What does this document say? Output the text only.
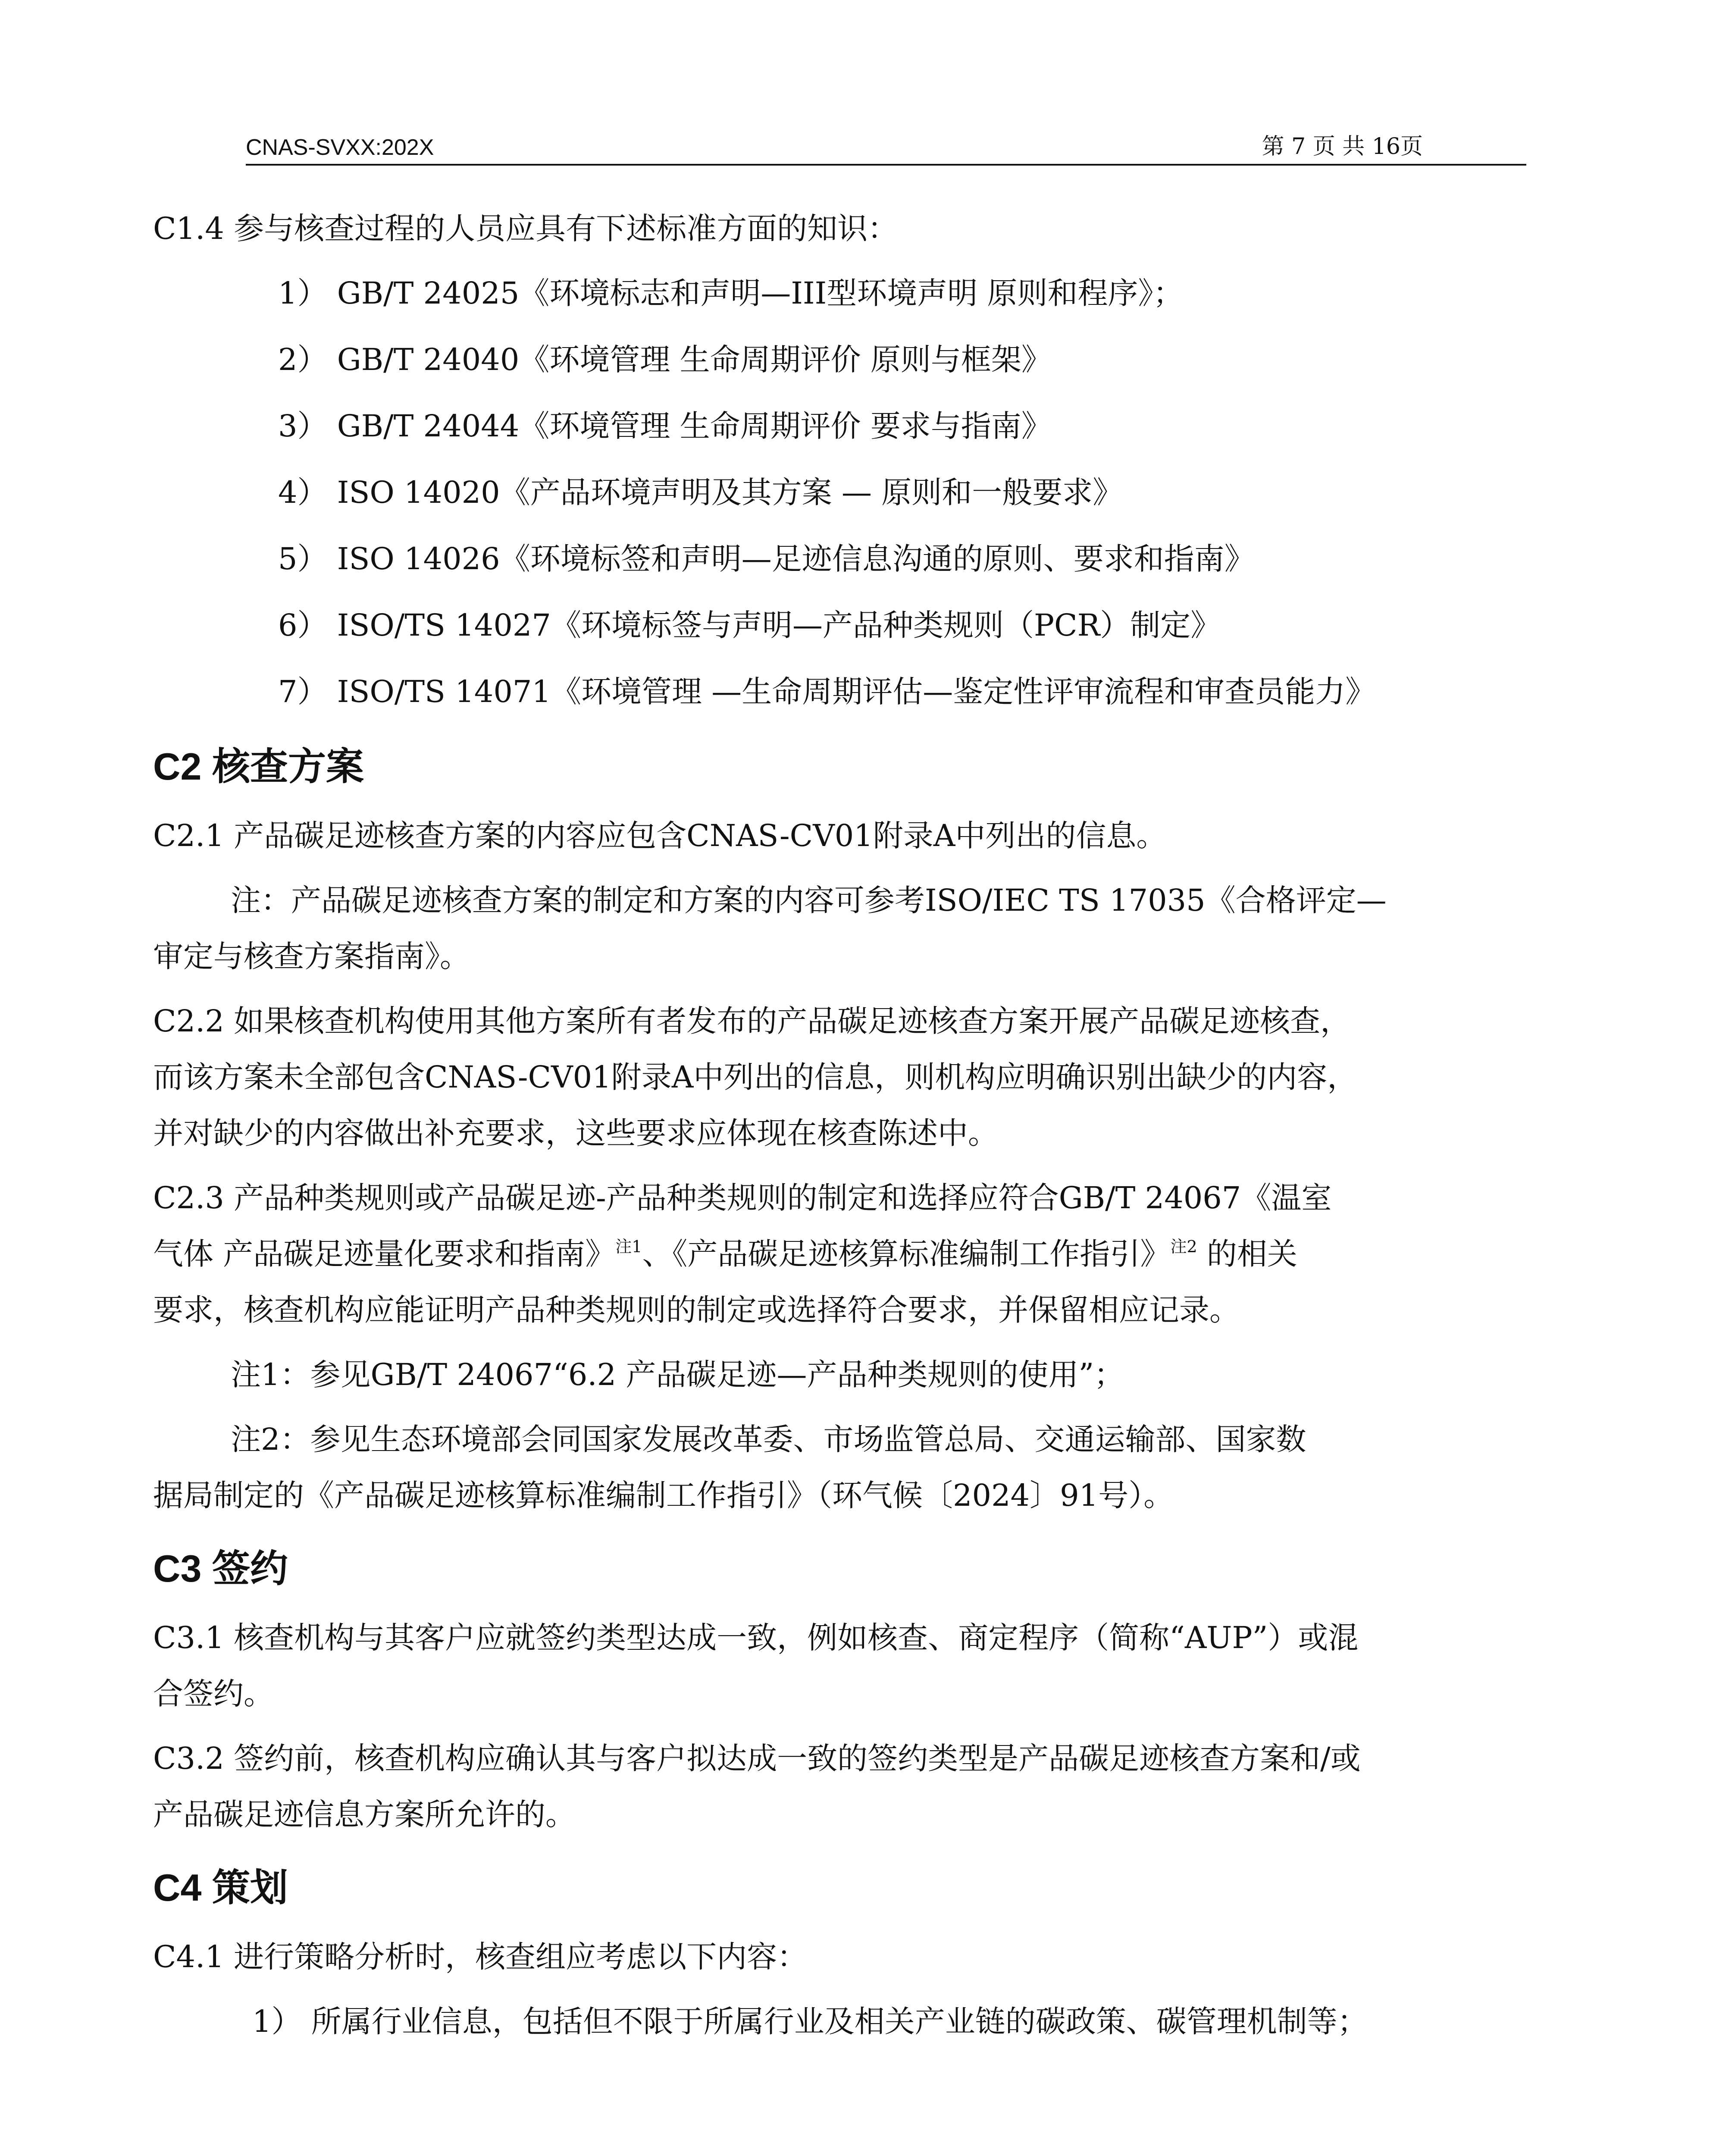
CNAS-SVXX:202X	第 7 页 共 16页

C1.4 参与核查过程的人员应具有下述标准方面的知识：

1） GB/T 24025《环境标志和声明—III型环境声明 原则和程序》；

2） GB/T 24040《环境管理 生命周期评价 原则与框架》

3） GB/T 24044《环境管理 生命周期评价 要求与指南》

4） ISO 14020《产品环境声明及其方案 — 原则和一般要求》

5） ISO 14026《环境标签和声明—足迹信息沟通的原则、要求和指南》

6） ISO/TS 14027《环境标签与声明—产品种类规则（PCR）制定》

7） ISO/TS 14071《环境管理 —生命周期评估—鉴定性评审流程和审查员能力》

C2 核查方案

C2.1 产品碳足迹核查方案的内容应包含CNAS-CV01附录A中列出的信息。

注：产品碳足迹核查方案的制定和方案的内容可参考ISO/IEC TS 17035《合格评定—

审定与核查方案指南》。

C2.2 如果核查机构使用其他方案所有者发布的产品碳足迹核查方案开展产品碳足迹核查，

而该方案未全部包含CNAS-CV01附录A中列出的信息，则机构应明确识别出缺少的内容，

并对缺少的内容做出补充要求，这些要求应体现在核查陈述中。

C2.3 产品种类规则或产品碳足迹-产品种类规则的制定和选择应符合GB/T 24067《温室

气体 产品碳足迹量化要求和指南》$^{注1}$、《产品碳足迹核算标准编制工作指引》$^{注2}$ 的相关

要求，核查机构应能证明产品种类规则的制定或选择符合要求，并保留相应记录。

注1：参见GB/T 24067“6.2 产品碳足迹—产品种类规则的使用”；

注2：参见生态环境部会同国家发展改革委、市场监管总局、交通运输部、国家数

据局制定的《产品碳足迹核算标准编制工作指引》（环气候〔2024〕91号）。

C3 签约

C3.1 核查机构与其客户应就签约类型达成一致，例如核查、商定程序（简称“AUP”）或混

合签约。

C3.2 签约前，核查机构应确认其与客户拟达成一致的签约类型是产品碳足迹核查方案和/或

产品碳足迹信息方案所允许的。

C4 策划

C4.1 进行策略分析时，核查组应考虑以下内容：

1） 所属行业信息，包括但不限于所属行业及相关产业链的碳政策、碳管理机制等；
